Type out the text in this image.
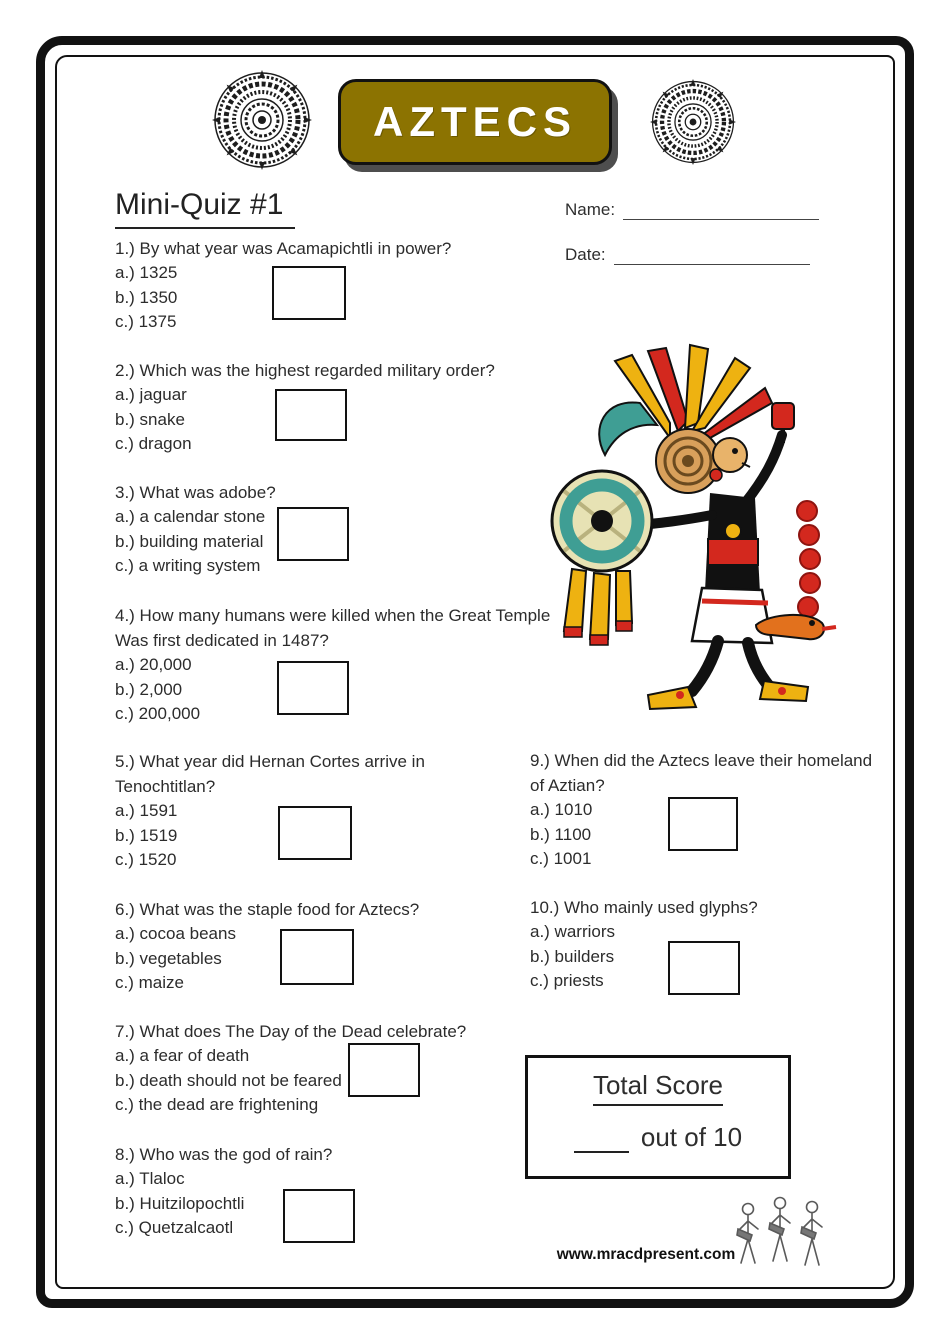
AZTECS
Mini-Quiz #1	Name:
Date:
1.) By what year was Acamapichtli in power?
a.) 1325
b.) 1350
c.) 1375
2.) Which was the highest regarded military order?
a.) jaguar
b.) snake
c.) dragon
3.) What was adobe?
a.) a calendar stone
b.) building material
c.) a writing system
4.) How many humans were killed when the Great Temple
Was first dedicated in 1487?
a.) 20,000
b.) 2,000
c.) 200,000
5.) What year did Hernan Cortes arrive in
Tenochtitlan?
a.) 1591
b.) 1519
c.) 1520
6.) What was the staple food for Aztecs?
a.) cocoa beans
b.) vegetables
c.) maize
7.) What does The Day of the Dead celebrate?
a.) a fear of death
b.) death should not be feared
c.) the dead are frightening
8.) Who was the god of rain?
a.) Tlaloc
b.) Huitzilopochtli
c.) Quetzalcaotl
9.) When did the Aztecs leave their homeland
of Aztian?
a.) 1010
b.) 1100
c.) 1001
10.) Who mainly used glyphs?
a.) warriors
b.) builders
c.) priests
Total Score
out of 10
www.mracdpresent.com
